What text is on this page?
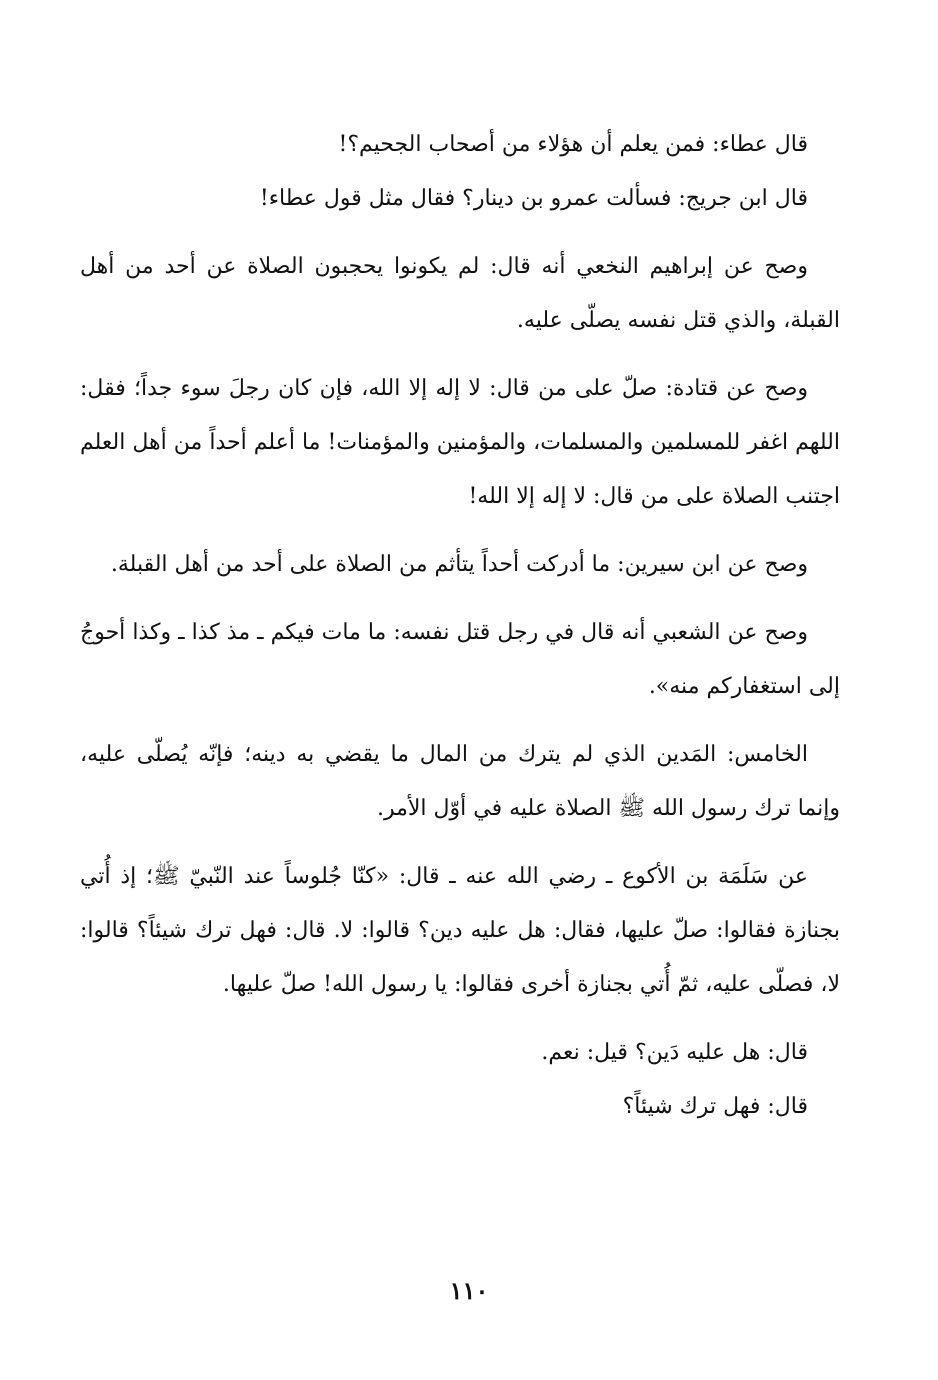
قال عطاء: فمن يعلم أن هؤلاء من أصحاب الجحيم؟!

قال ابن جريج: فسألت عمرو بن دينار؟ فقال مثل قول عطاء!

وصح عن إبراهيم النخعي أنه قال: لم يكونوا يحجبون الصلاة عن أحد من أهل القبلة، والذي قتل نفسه يصلّى عليه.

وصح عن قتادة: صلّ على من قال: لا إله إلا الله، فإن كان رجلَ سوء جداً؛ فقل: اللهم اغفر للمسلمين والمسلمات، والمؤمنين والمؤمنات! ما أعلم أحداً من أهل العلم اجتنب الصلاة على من قال: لا إله إلا الله!

وصح عن ابن سيرين: ما أدركت أحداً يتأثم من الصلاة على أحد من أهل القبلة.

وصح عن الشعبي أنه قال في رجل قتل نفسه: ما مات فيكم ـ مذ كذا ـ وكذا أحوجُ إلى استغفاركم منه».

الخامس: المَدين الذي لم يترك من المال ما يقضي به دينه؛ فإنّه يُصلّى عليه، وإنما ترك رسول الله ﷺ الصلاة عليه في أوّل الأمر.

عن سَلَمَة بن الأكوع ـ رضي الله عنه ـ قال: «كنّا جُلوساً عند النّبيّ ﷺ؛ إذ أُتي بجنازة فقالوا: صلّ عليها، فقال: هل عليه دين؟ قالوا: لا. قال: فهل ترك شيئاً؟ قالوا: لا، فصلّى عليه، ثمّ أُتي بجنازة أخرى فقالوا: يا رسول الله! صلّ عليها.

قال: هل عليه دَين؟ قيل: نعم.

قال: فهل ترك شيئاً؟

١١٠
